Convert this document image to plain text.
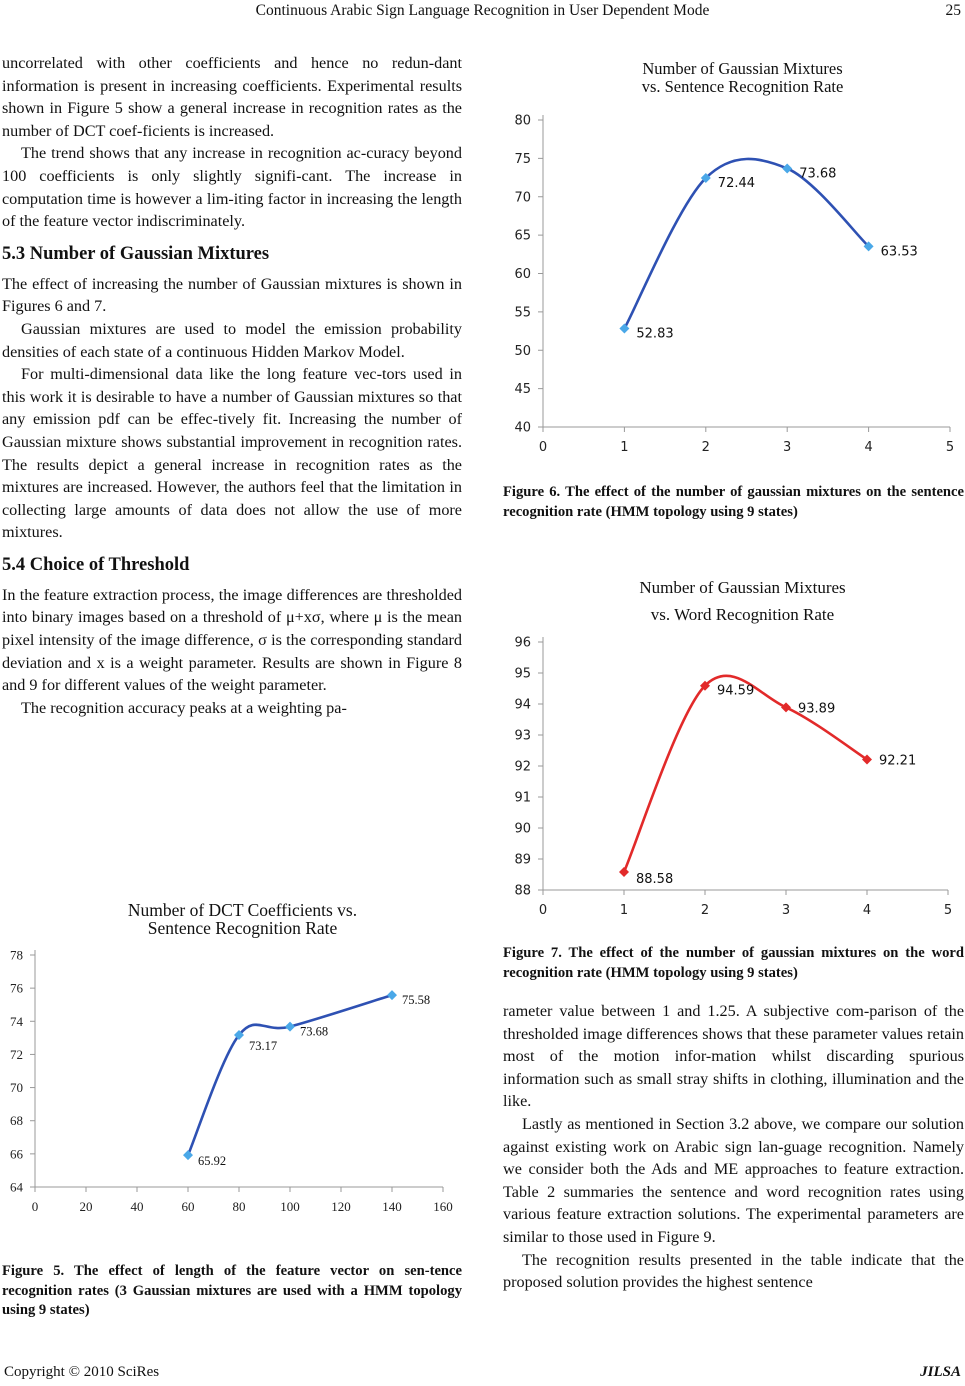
Continuous Arabic Sign Language Recognition in User Dependent Mode	25

uncorrelated with other coefficients and hence no redun-dant information is present in increasing coefficients. Experimental results shown in Figure 5 show a general increase in recognition rates as the number of DCT coef-ficients is increased.

The trend shows that any increase in recognition ac-curacy beyond 100 coefficients is only slightly signifi-cant. The increase in computation time is however a lim-iting factor in increasing the length of the feature vector indiscriminately.

5.3 Number of Gaussian Mixtures

The effect of increasing the number of Gaussian mixtures is shown in Figures 6 and 7.

Gaussian mixtures are used to model the emission probability densities of each state of a continuous Hidden Markov Model.

For multi-dimensional data like the long feature vec-tors used in this work it is desirable to have a number of Gaussian mixtures so that any emission pdf can be effec-tively fit. Increasing the number of Gaussian mixture shows substantial improvement in recognition rates. The results depict a general increase in recognition rates as the mixtures are increased. However, the authors feel that the limitation in collecting large amounts of data does not allow the use of more mixtures.

5.4 Choice of Threshold

In the feature extraction process, the image differences are thresholded into binary images based on a threshold of μ+xσ, where μ is the mean pixel intensity of the image difference, σ is the corresponding standard deviation and x is a weight parameter. Results are shown in Figure 8 and 9 for different values of the weight parameter.

The recognition accuracy peaks at a weighting pa-

Number of Gaussian Mixtures
vs. Sentence Recognition Rate
40
45
50
55
60
65
70
75
80
0	1	2	3	4	5
52.83
72.44
73.68
63.53
Figure 6. The effect of the number of gaussian mixtures on the sentence recognition rate (HMM topology using 9 states)
Number of Gaussian Mixtures
vs. Word Recognition Rate
88
89
90
91
92
93
94
95
96
0	1	2	3	4	5
88.58
94.59
93.89
92.21
Figure 7. The effect of the number of gaussian mixtures on the word recognition rate (HMM topology using 9 states)

rameter value between 1 and 1.25. A subjective com-parison of the thresholded image differences shows that these parameter values retain most of the motion infor-mation whilst discarding spurious information such as small stray shifts in clothing, illumination and the like.

Lastly as mentioned in Section 3.2 above, we compare our solution against existing work on Arabic sign lan-guage recognition. Namely we consider both the Ads and ME approaches to feature extraction. Table 2 summaries the sentence and word recognition rates using various feature extraction solutions. The experimental parameters are similar to those used in Figure 9.

The recognition results presented in the table indicate that the proposed solution provides the highest sentence

Number of DCT Coefficients vs.
Sentence Recognition Rate
64
66
68
70
72
74
76
78
0	20	40	60	80	100 120 140 160
65.92
73.17
73.68
75.58
Figure 5. The effect of length of the feature vector on sen-tence recognition rates (3 Gaussian mixtures are used with a HMM topology using 9 states)
Copyright © 2010 SciRes	JILSA
